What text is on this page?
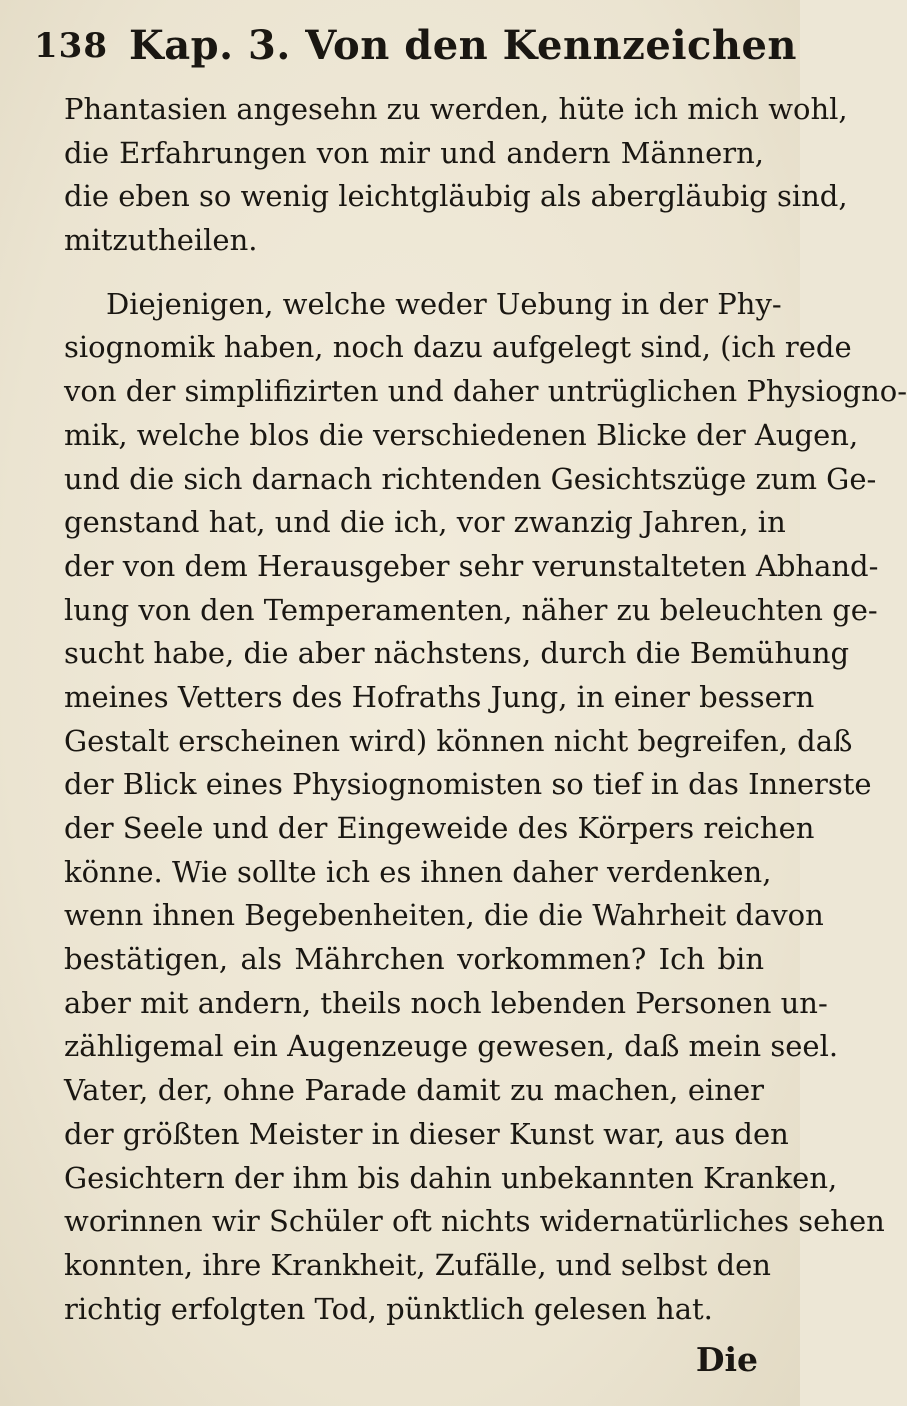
138 Kap. 3. Von den Kennzeichen
Phantasien angesehn zu werden, hüte ich mich wohl,
die Erfahrungen von mir und andern Männern,
die eben so wenig leichtgläubig als abergläubig sind,
mitzutheilen.
Diejenigen, welche weder Uebung in der Phy-
siognomik haben, noch dazu aufgelegt sind, (ich rede
von der simplifizirten und daher untrüglichen Physiogno-
mik, welche blos die verschiedenen Blicke der Augen,
und die sich darnach richtenden Gesichtszüge zum Ge-
genstand hat, und die ich, vor zwanzig Jahren, in
der von dem Herausgeber sehr verunstalteten Abhand-
lung von den Temperamenten, näher zu beleuchten ge-
sucht habe, die aber nächstens, durch die Bemühung
meines Vetters des Hofraths Jung, in einer bessern
Gestalt erscheinen wird) können nicht begreifen, daß
der Blick eines Physiognomisten so tief in das Innerste
der Seele und der Eingeweide des Körpers reichen
könne. Wie sollte ich es ihnen daher verdenken,
wenn ihnen Begebenheiten, die die Wahrheit davon
bestätigen, als Mährchen vorkommen? Ich bin
aber mit andern, theils noch lebenden Personen un-
zähligemal ein Augenzeuge gewesen, daß mein seel.
Vater, der, ohne Parade damit zu machen, einer
der größten Meister in dieser Kunst war, aus den
Gesichtern der ihm bis dahin unbekannten Kranken,
worinnen wir Schüler oft nichts widernatürliches sehen
konnten, ihre Krankheit, Zufälle, und selbst den
richtig erfolgten Tod, pünktlich gelesen hat.
Die
